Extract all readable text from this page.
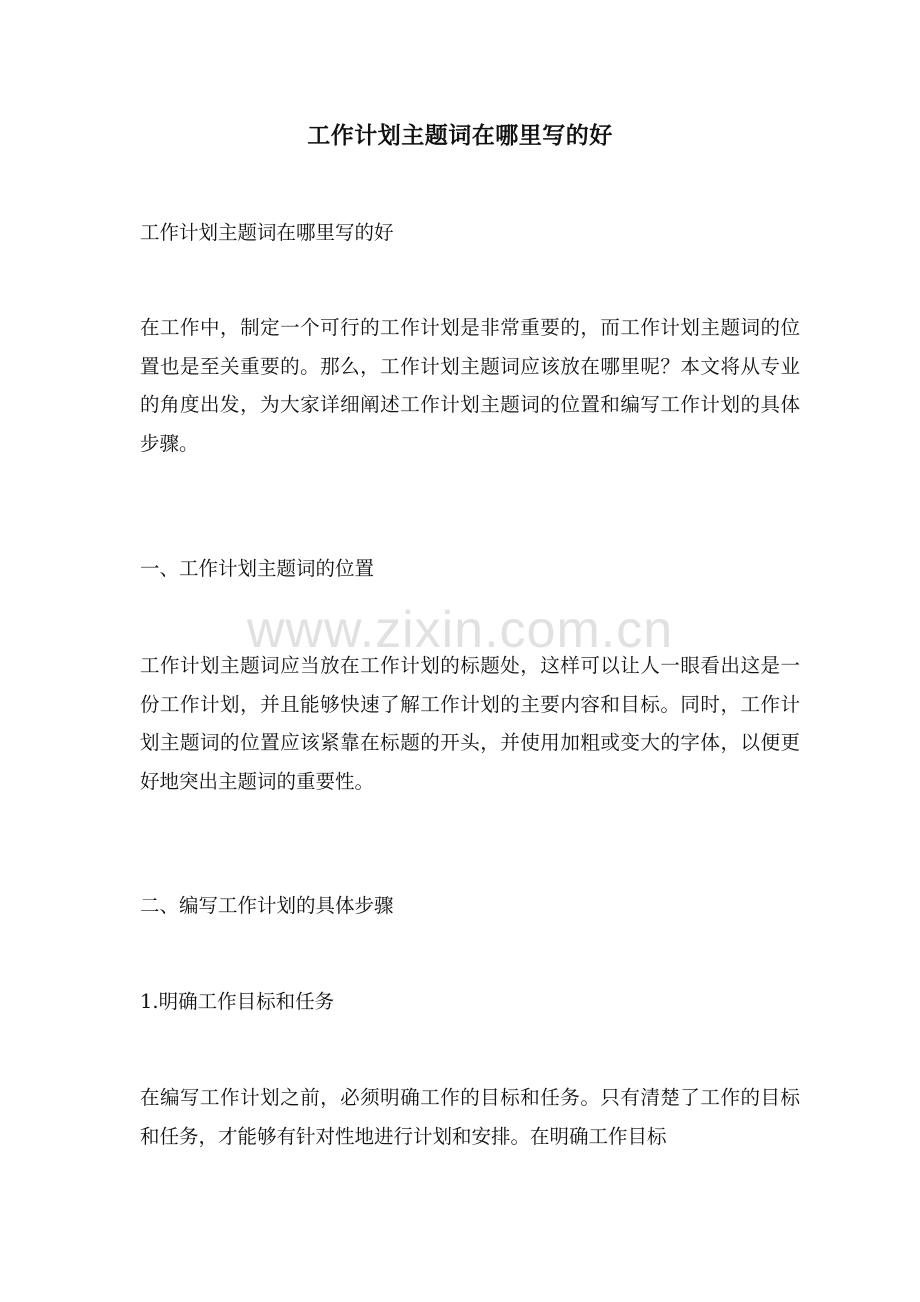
工作计划主题词在哪里写的好

工作计划主题词在哪里写的好

在工作中，制定一个可行的工作计划是非常重要的，而工作计划主题词的位置也是至关重要的。那么，工作计划主题词应该放在哪里呢？本文将从专业的角度出发，为大家详细阐述工作计划主题词的位置和编写工作计划的具体步骤。

一、工作计划主题词的位置

www.zixin.com.cn

工作计划主题词应当放在工作计划的标题处，这样可以让人一眼看出这是一份工作计划，并且能够快速了解工作计划的主要内容和目标。同时，工作计划主题词的位置应该紧靠在标题的开头，并使用加粗或变大的字体，以便更好地突出主题词的重要性。

二、编写工作计划的具体步骤

1.明确工作目标和任务

在编写工作计划之前，必须明确工作的目标和任务。只有清楚了工作的目标和任务，才能够有针对性地进行计划和安排。在明确工作目标
